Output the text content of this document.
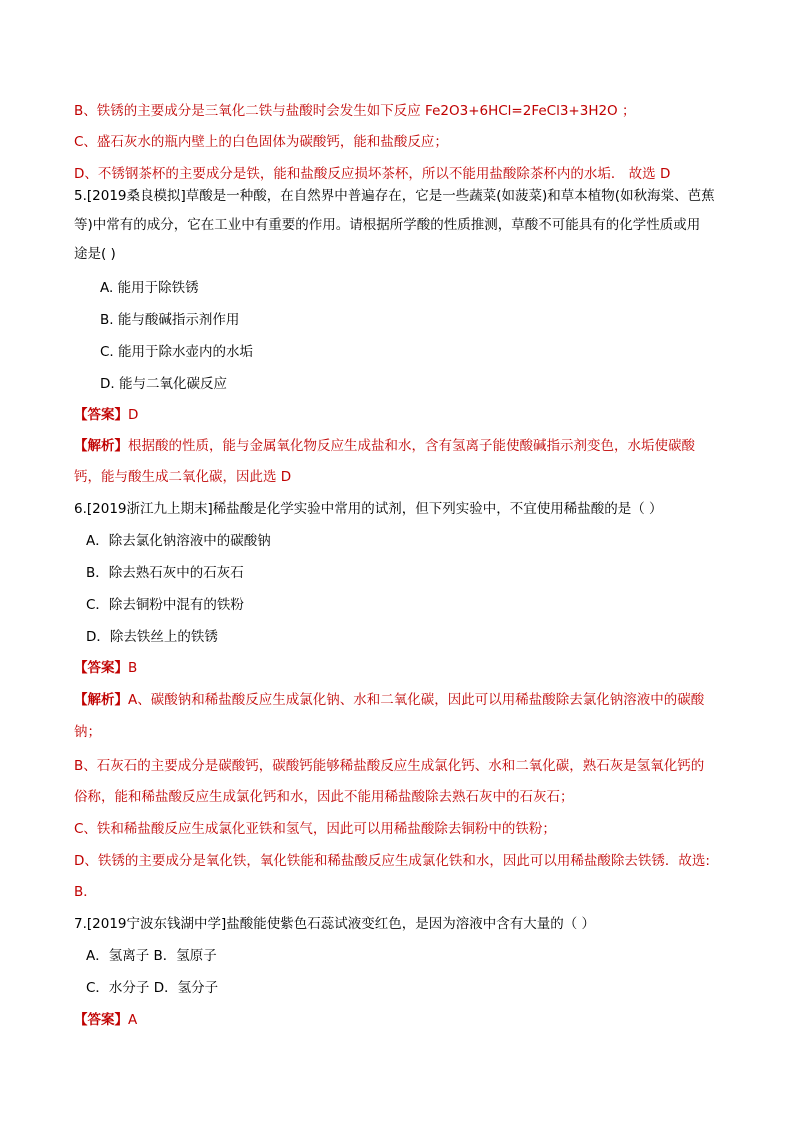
B、铁锈的主要成分是三氧化二铁与盐酸时会发生如下反应 Fe2O3+6HCl=2FeCl3+3H2O ；
C、盛石灰水的瓶内壁上的白色固体为碳酸钙，能和盐酸反应；
D、不锈钢茶杯的主要成分是铁，能和盐酸反应损坏茶杯，所以不能用盐酸除茶杯内的水垢． 故选 D
5.[2019桑良模拟]草酸是一种酸，在自然界中普遍存在，它是一些蔬菜(如菠菜)和草本植物(如秋海棠、芭蕉
等)中常有的成分，它在工业中有重要的作用。请根据所学酸的性质推测，草酸不可能具有的化学性质或用
途是( )
A. 能用于除铁锈
B. 能与酸碱指示剂作用
C. 能用于除水壶内的水垢
D. 能与二氧化碳反应
【答案】D
【解析】根据酸的性质，能与金属氧化物反应生成盐和水，含有氢离子能使酸碱指示剂变色，水垢使碳酸
钙，能与酸生成二氧化碳，因此选 D
6.[2019浙江九上期末]稀盐酸是化学实验中常用的试剂，但下列实验中，不宜使用稀盐酸的是（ ）
A．除去氯化钠溶液中的碳酸钠
B．除去熟石灰中的石灰石
C．除去铜粉中混有的铁粉
D．除去铁丝上的铁锈
【答案】B
【解析】A、碳酸钠和稀盐酸反应生成氯化钠、水和二氧化碳，因此可以用稀盐酸除去氯化钠溶液中的碳酸
钠；
B、石灰石的主要成分是碳酸钙，碳酸钙能够稀盐酸反应生成氯化钙、水和二氧化碳，熟石灰是氢氧化钙的
俗称，能和稀盐酸反应生成氯化钙和水，因此不能用稀盐酸除去熟石灰中的石灰石；
C、铁和稀盐酸反应生成氯化亚铁和氢气，因此可以用稀盐酸除去铜粉中的铁粉；
D、铁锈的主要成分是氧化铁，氧化铁能和稀盐酸反应生成氯化铁和水，因此可以用稀盐酸除去铁锈．故选:
B．
7.[2019宁波东钱湖中学]盐酸能使紫色石蕊试液变红色，是因为溶液中含有大量的（ ）
A．氢离子 B．氢原子
C．水分子 D．氢分子
【答案】A
